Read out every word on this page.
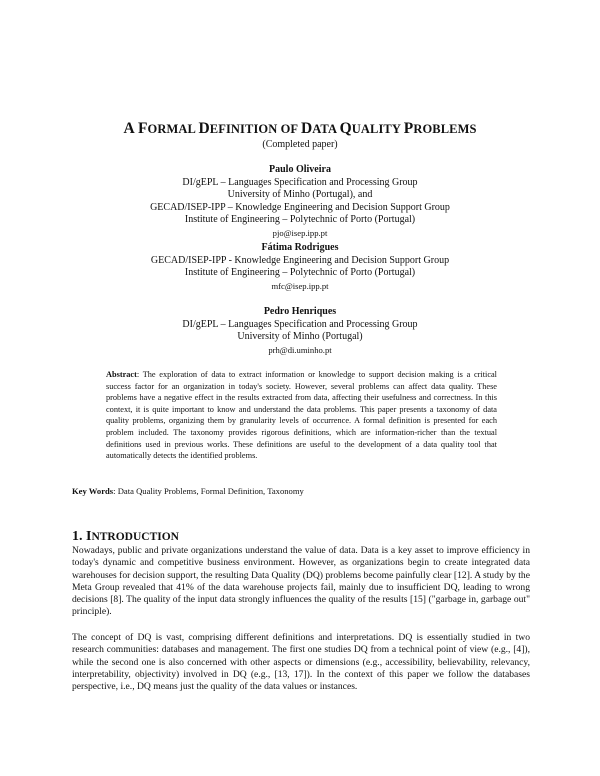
A FORMAL DEFINITION OF DATA QUALITY PROBLEMS
(Completed paper)
Paulo Oliveira
DI/gEPL – Languages Specification and Processing Group
University of Minho (Portugal), and
GECAD/ISEP-IPP – Knowledge Engineering and Decision Support Group
Institute of Engineering – Polytechnic of Porto (Portugal)
pjo@isep.ipp.pt
Fátima Rodrigues
GECAD/ISEP-IPP - Knowledge Engineering and Decision Support Group
Institute of Engineering – Polytechnic of Porto (Portugal)
mfc@isep.ipp.pt
Pedro Henriques
DI/gEPL – Languages Specification and Processing Group
University of Minho (Portugal)
prh@di.uminho.pt
Abstract: The exploration of data to extract information or knowledge to support decision making is a critical success factor for an organization in today's society. However, several problems can affect data quality. These problems have a negative effect in the results extracted from data, affecting their usefulness and correctness. In this context, it is quite important to know and understand the data problems. This paper presents a taxonomy of data quality problems, organizing them by granularity levels of occurrence. A formal definition is presented for each problem included. The taxonomy provides rigorous definitions, which are information-richer than the textual definitions used in previous works. These definitions are useful to the development of a data quality tool that automatically detects the identified problems.
Key Words: Data Quality Problems, Formal Definition, Taxonomy
1. INTRODUCTION
Nowadays, public and private organizations understand the value of data. Data is a key asset to improve efficiency in today's dynamic and competitive business environment. However, as organizations begin to create integrated data warehouses for decision support, the resulting Data Quality (DQ) problems become painfully clear [12]. A study by the Meta Group revealed that 41% of the data warehouse projects fail, mainly due to insufficient DQ, leading to wrong decisions [8]. The quality of the input data strongly influences the quality of the results [15] ("garbage in, garbage out" principle).
The concept of DQ is vast, comprising different definitions and interpretations. DQ is essentially studied in two research communities: databases and management. The first one studies DQ from a technical point of view (e.g., [4]), while the second one is also concerned with other aspects or dimensions (e.g., accessibility, believability, relevancy, interpretability, objectivity) involved in DQ (e.g., [13, 17]). In the context of this paper we follow the databases perspective, i.e., DQ means just the quality of the data values or instances.
